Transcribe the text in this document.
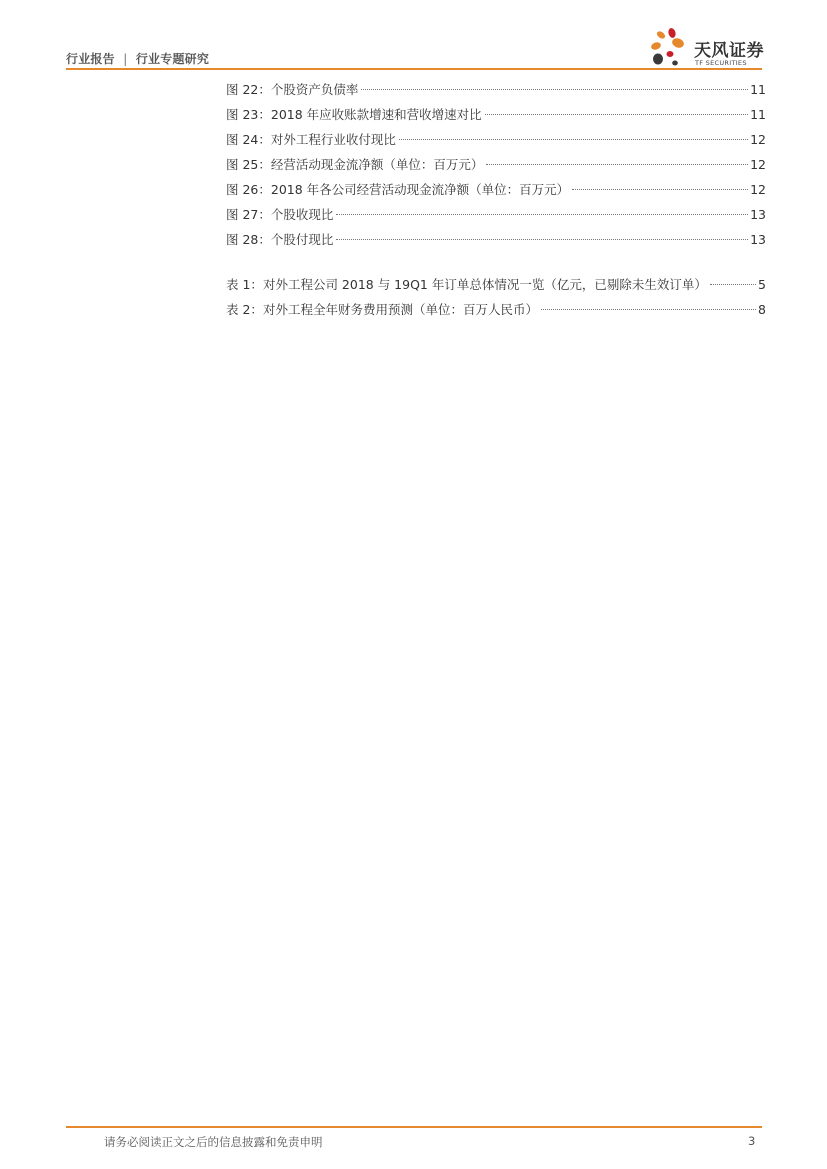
行业报告 | 行业专题研究	天风证券
TF SECURITIES
图 22： 个股资产负债率	11
图 23： 2018 年应收账款增速和营收增速对比	11
图 24： 对外工程行业收付现比	12
图 25： 经营活动现金流净额（单位：百万元）	12
图 26： 2018 年各公司经营活动现金流净额（单位：百万元）	12
图 27： 个股收现比	13
图 28： 个股付现比	13
表 1： 对外工程公司 2018 与 19Q1 年订单总体情况一览（亿元，已剔除未生效订单）	5
表 2： 对外工程全年财务费用预测（单位：百万人民币）	8
请务必阅读正文之后的信息披露和免责申明	3
